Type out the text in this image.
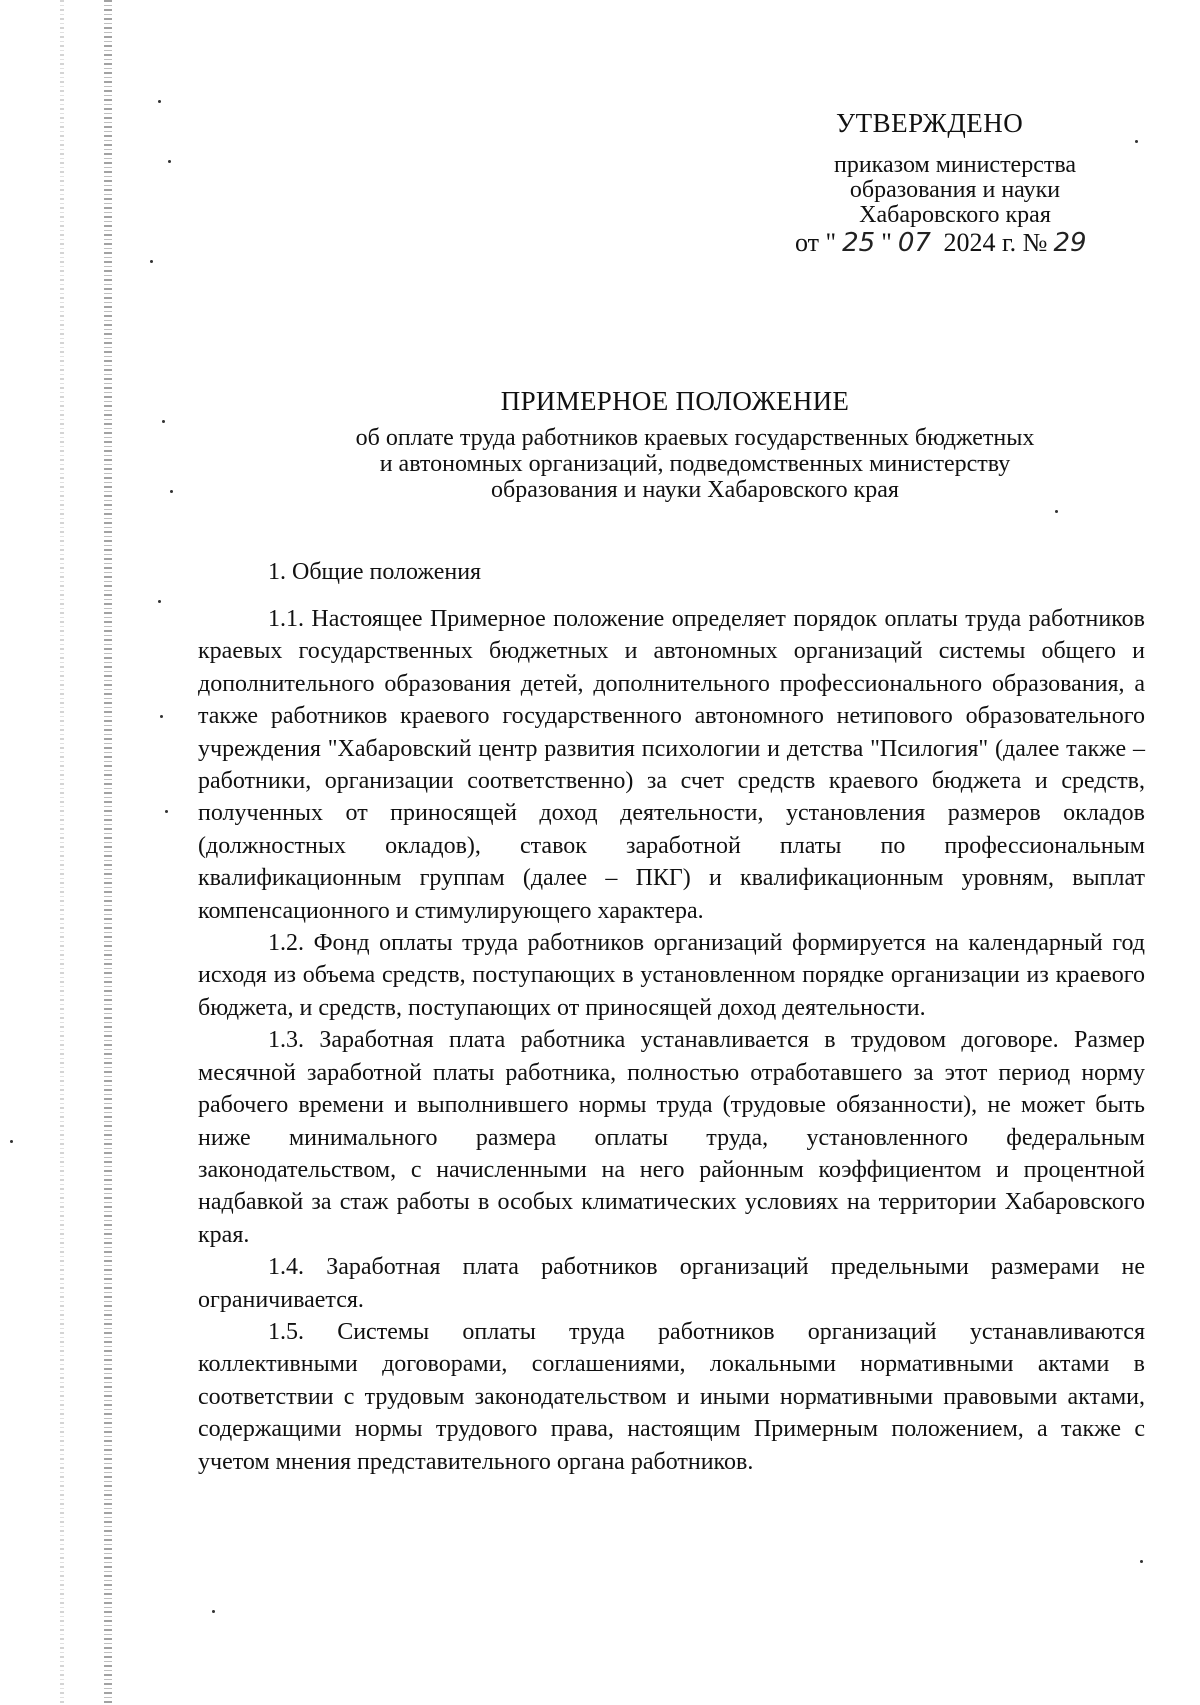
УТВЕРЖДЕНО
приказом министерства
образования и науки
Хабаровского края
от " 25 " 07 2024 г. № 29
ПРИМЕРНОЕ ПОЛОЖЕНИЕ
об оплате труда работников краевых государственных бюджетных
и автономных организаций, подведомственных министерству
образования и науки Хабаровского края
1. Общие положения

1.1. Настоящее Примерное положение определяет порядок оплаты труда работников краевых государственных бюджетных и автономных организаций системы общего и дополнительного образования детей, дополнительного профессионального образования, а также работников краевого государственного автономного нетипового образовательного учреждения "Хабаровский центр развития психологии и детства "Псилогия" (далее также – работники, организации соответственно) за счет средств краевого бюджета и средств, полученных от приносящей доход деятельности, установления размеров окладов (должностных окладов), ставок заработной платы по профессиональным квалификационным группам (далее – ПКГ) и квалификационным уровням, выплат компенсационного и стимулирующего характера.

1.2. Фонд оплаты труда работников организаций формируется на календарный год исходя из объема средств, поступающих в установленном порядке организации из краевого бюджета, и средств, поступающих от приносящей доход деятельности.

1.3. Заработная плата работника устанавливается в трудовом договоре. Размер месячной заработной платы работника, полностью отработавшего за этот период норму рабочего времени и выполнившего нормы труда (трудовые обязанности), не может быть ниже минимального размера оплаты труда, установленного федеральным законодательством, с начисленными на него районным коэффициентом и процентной надбавкой за стаж работы в особых климатических условиях на территории Хабаровского края.

1.4. Заработная плата работников организаций предельными размерами не ограничивается.

1.5. Системы оплаты труда работников организаций устанавливаются коллективными договорами, соглашениями, локальными нормативными актами в соответствии с трудовым законодательством и иными нормативными правовыми актами, содержащими нормы трудового права, настоящим Примерным положением, а также с учетом мнения представительного органа работников.
